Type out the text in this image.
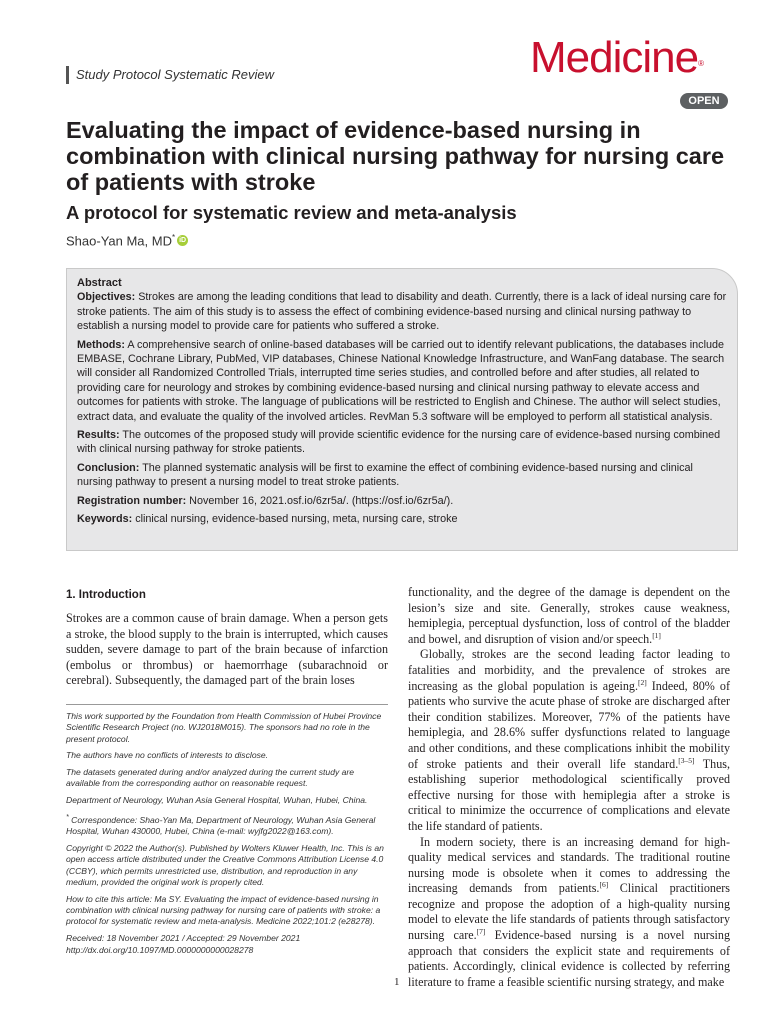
Study Protocol Systematic Review	Medicine®
OPEN
Evaluating the impact of evidence-based nursing in combination with clinical nursing pathway for nursing care of patients with stroke
A protocol for systematic review and meta-analysis
Shao-Yan Ma, MD* iD

Abstract

Objectives: Strokes are among the leading conditions that lead to disability and death. Currently, there is a lack of ideal nursing care for stroke patients. The aim of this study is to assess the effect of combining evidence-based nursing and clinical nursing pathway to establish a nursing model to provide care for patients who suffered a stroke.

Methods: A comprehensive search of online-based databases will be carried out to identify relevant publications, the databases include EMBASE, Cochrane Library, PubMed, VIP databases, Chinese National Knowledge Infrastructure, and WanFang database. The search will consider all Randomized Controlled Trials, interrupted time series studies, and controlled before and after studies, all related to providing care for neurology and strokes by combining evidence-based nursing and clinical nursing pathway to elevate access and outcomes for patients with stroke. The language of publications will be restricted to English and Chinese. The author will select studies, extract data, and evaluate the quality of the involved articles. RevMan 5.3 software will be employed to perform all statistical analysis.

Results: The outcomes of the proposed study will provide scientific evidence for the nursing care of evidence-based nursing combined with clinical nursing pathway for stroke patients.

Conclusion: The planned systematic analysis will be first to examine the effect of combining evidence-based nursing and clinical nursing pathway to present a nursing model to treat stroke patients.

Registration number: November 16, 2021.osf.io/6zr5a/. (https://osf.io/6zr5a/).

Keywords: clinical nursing, evidence-based nursing, meta, nursing care, stroke

1. Introduction

Strokes are a common cause of brain damage. When a person gets a stroke, the blood supply to the brain is interrupted, which causes sudden, severe damage to part of the brain because of infarction (embolus or thrombus) or haemorrhage (subarachnoid or cerebral). Subsequently, the damaged part of the brain loses

This work supported by the Foundation from Health Commission of Hubei Province Scientific Research Project (no. WJ2018M015). The sponsors had no role in the present protocol.

The authors have no conflicts of interests to disclose.

The datasets generated during and/or analyzed during the current study are available from the corresponding author on reasonable request.

Department of Neurology, Wuhan Asia General Hospital, Wuhan, Hubei, China.

* Correspondence: Shao-Yan Ma, Department of Neurology, Wuhan Asia General Hospital, Wuhan 430000, Hubei, China (e-mail: wyjfg2022@163.com).

Copyright © 2022 the Author(s). Published by Wolters Kluwer Health, Inc. This is an open access article distributed under the Creative Commons Attribution License 4.0 (CCBY), which permits unrestricted use, distribution, and reproduction in any medium, provided the original work is properly cited.

How to cite this article: Ma SY. Evaluating the impact of evidence-based nursing in combination with clinical nursing pathway for nursing care of patients with stroke: a protocol for systematic review and meta-analysis. Medicine 2022;101:2 (e28278).

Received: 18 November 2021 / Accepted: 29 November 2021

http://dx.doi.org/10.1097/MD.0000000000028278

functionality, and the degree of the damage is dependent on the lesion’s size and site. Generally, strokes cause weakness, hemiplegia, perceptual dysfunction, loss of control of the bladder and bowel, and disruption of vision and/or speech.[1]

Globally, strokes are the second leading factor leading to fatalities and morbidity, and the prevalence of strokes are increasing as the global population is ageing.[2] Indeed, 80% of patients who survive the acute phase of stroke are discharged after their condition stabilizes. Moreover, 77% of the patients have hemiplegia, and 28.6% suffer dysfunctions related to language and other conditions, and these complications inhibit the mobility of stroke patients and their overall life standard.[3–5] Thus, establishing superior methodological scientifically proved effective nursing for those with hemiplegia after a stroke is critical to minimize the occurrence of complications and elevate the life standard of patients.

In modern society, there is an increasing demand for high-quality medical services and standards. The traditional routine nursing mode is obsolete when it comes to addressing the increasing demands from patients.[6] Clinical practitioners recognize and propose the adoption of a high-quality nursing model to elevate the life standards of patients through satisfactory nursing care.[7] Evidence-based nursing is a novel nursing approach that considers the explicit state and requirements of patients. Accordingly, clinical evidence is collected by referring literature to frame a feasible scientific nursing strategy, and make

1
